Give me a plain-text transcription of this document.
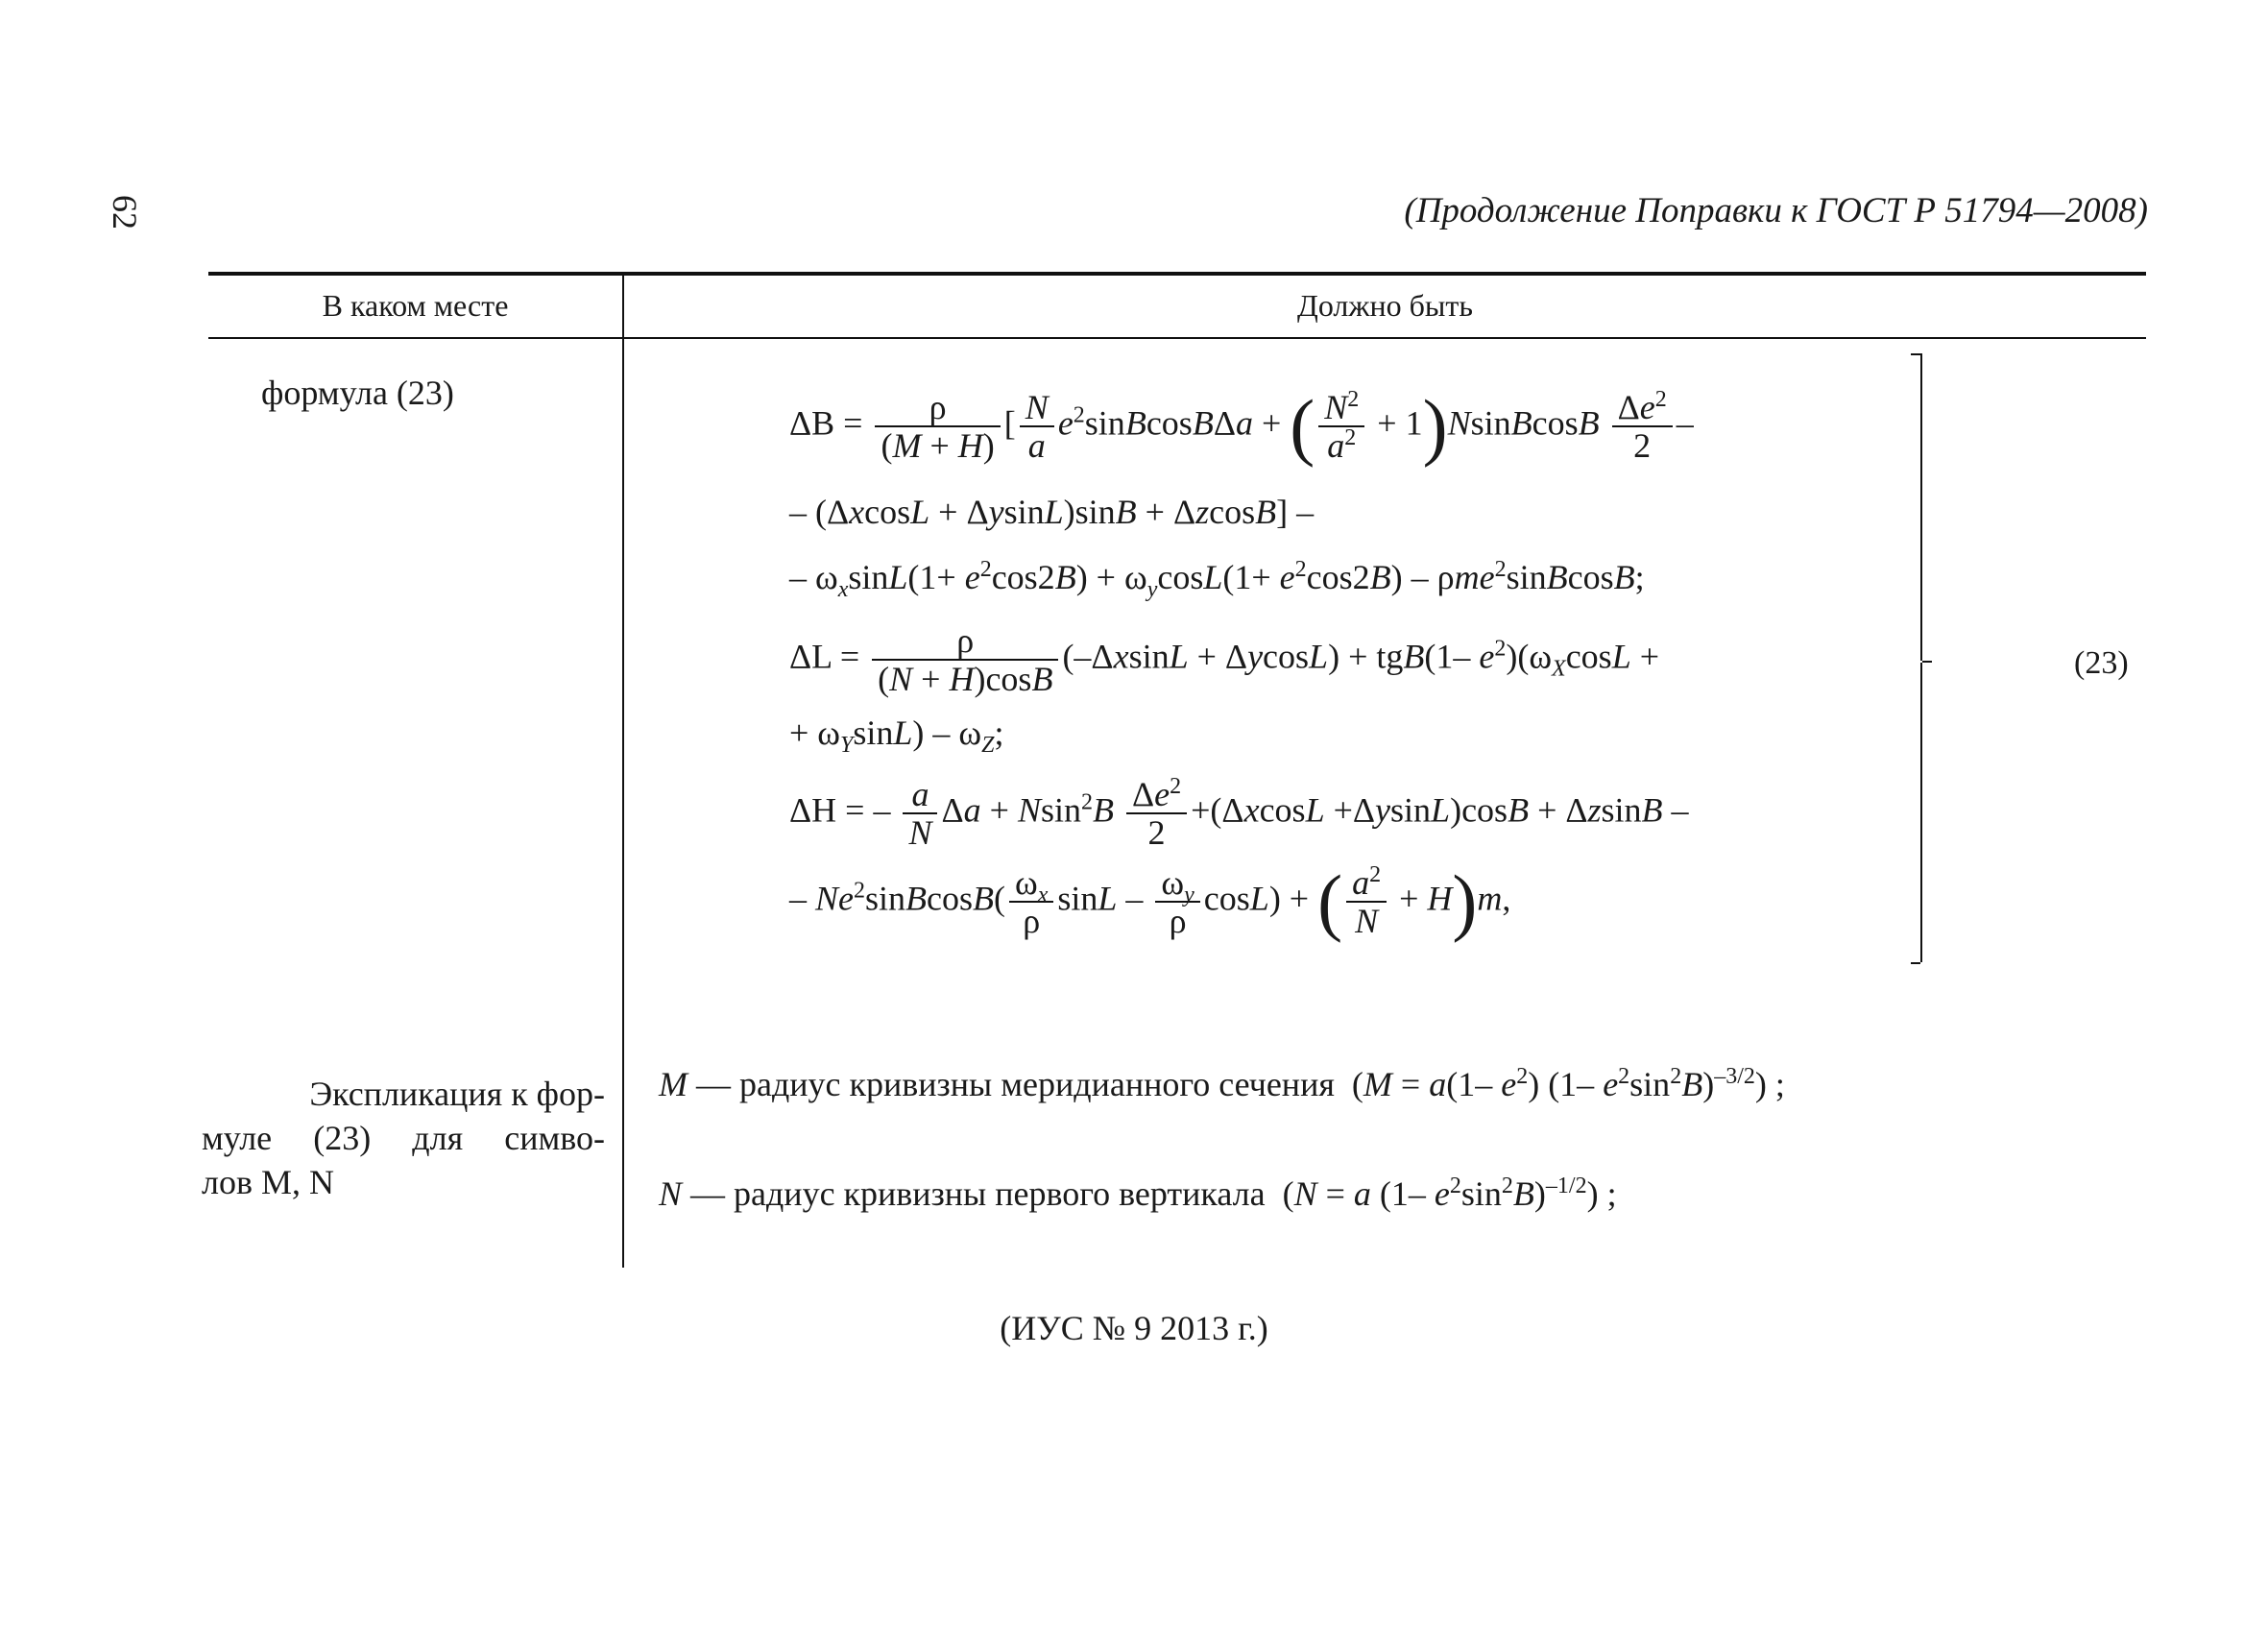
62	(Продолжение Поправки к ГОСТ Р 51794—2008)
В каком месте	Должно быть
формула (23)
$\Delta B = \frac{\rho}{(M + H)}$ [ $\frac{N}{a}$ $e^2sinBcosB\Delta a$ + ( $\frac{N^2}{a^2}$ + 1)NsinBcosB $\frac{\Delta e^2}{2}$ –
– (ΔxcosL + ΔysinL)sinB + ΔzcosB] –
– $\omega_x\sin L(1+ e^2\cos 2B) + \omega_y\cos L(1+ e^2\cos 2B)$ – ρme$^2$sinBcosB;
$\Delta L = \frac{\rho}{(N + H)\cos B} (-\Delta xsinL + \Delta ycosL) + tgB(1-$ $e^2)(\omega_X\cos L$ +
+ $\omega_Y\sin L) - \omega_Z$;
ΔH = – $\frac{a}{N}$ $\Delta a + Nsin^2B \frac{\Delta e^2}{2} +(\Delta xcosL +\Delta ysinL)\cos B + \Delta zsinB$ –
– Ne$^2$sinBcosB( $\frac{\omega_x}{\rho}$ sinL – $\frac{\omega_y}{\rho} \cos L$) + ( $\frac{a^2}{N} + H)m$,
(23)
Экспликация к фор-
муле (23) для симво-
лов М, N
M — радиус кривизны меридианного сечения  (M = a(1– $e^2$) (1– $e^2\sin^2B)^{-3/2}$) ;
N — радиус кривизны первого вертикала  (N = a (1– $e^2\sin^2B)^{-1/2}$) ;
(ИУС № 9 2013 г.)
